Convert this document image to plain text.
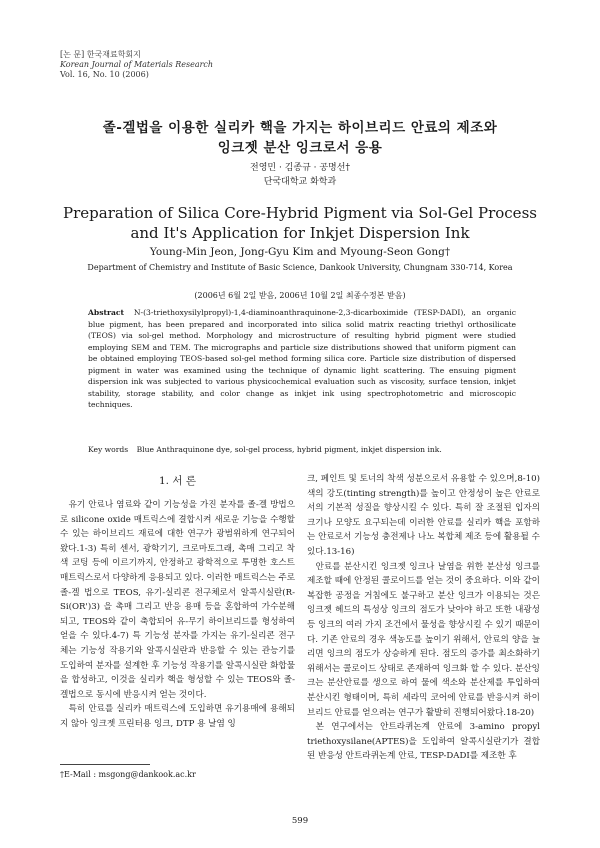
[논 문] 한국재료학회지
Korean Journal of Materials Research
Vol. 16, No. 10 (2006)
졸-겔법을 이용한 실리카 핵을 가지는 하이브리드 안료의 제조와
잉크젯 분산 잉크로서 응용
전영민 · 김종규 · 공명선†
단국대학교 화학과
Preparation of Silica Core-Hybrid Pigment via Sol-Gel Process
and It's Application for Inkjet Dispersion Ink
Young-Min Jeon, Jong-Gyu Kim and Myoung-Seon Gong†
Department of Chemistry and Institute of Basic Science, Dankook University, Chungnam 330-714, Korea
(2006년 6월 2일 받음, 2006년 10월 2일 최종수정본 받음)
Abstract N-(3-triethoxysilylpropyl)-1,4-diaminoanthraquinone-2,3-dicarboximide (TESP-DADI), an organic blue pigment, has been prepared and incorporated into silica solid matrix reacting triethyl orthosilicate (TEOS) via sol-gel method. Morphology and microstructure of resulting hybrid pigment were studied employing SEM and TEM. The micrographs and particle size distributions showed that uniform pigment can be obtained employing TEOS-based sol-gel method forming silica core. Particle size distribution of dispersed pigment in water was examined using the technique of dynamic light scattering. The ensuing pigment dispersion ink was subjected to various physicochemical evaluation such as viscosity, surface tension, inkjet stability, storage stability, and color change as inkjet ink using spectrophotometric and microscopic techniques.
Key words Blue Anthraquinone dye, sol-gel process, hybrid pigment, inkjet dispersion ink.
1. 서 론

유기 안료나 염료와 같이 기능성을 가진 분자를 졸-겔 방법으로 silicone oxide 매트릭스에 결합시켜 새로운 기능을 수행할 수 있는 하이브리드 재료에 대한 연구가 광범위하게 연구되어 왔다.1-3) 특히 센서, 광학기기, 크로마토그래, 촉매 그리고 착색 코팅 등에 이르기까지, 안정하고 광학적으로 투명한 호스트 매트릭스로서 다양하게 응용되고 있다. 이러한 매트릭스는 주로 졸-겔 법으로 TEOS, 유기-실리콘 전구체로서 알콕시실란(R-Si(OR')3) 을 촉매 그리고 반응 용매 등을 혼합하여 가수분해 되고, TEOS와 같이 축합되어 유-무기 하이브리드를 형성하여 얻을 수 있다.4-7) 특 기능성 분자를 가지는 유기-실리콘 전구체는 기능성 작용기와 알콕시실란과 반응할 수 있는 관능기를 도입하여 분자를 설계한 후 기능성 작용기를 알콕시실란 화합물을 합성하고, 이것을 실리카 핵을 형성할 수 있는 TEOS와 졸-겔법으로 동시에 반응시켜 얻는 것이다.

특히 안료를 실리카 매트릭스에 도입하면 유기용매에 용해되지 않아 잉크젯 프린터용 잉크, DTP 용 날염 잉

크, 페인트 및 토너의 착색 성분으로서 유용할 수 있으며,8-10) 색의 강도(tinting strength)를 높이고 안정성이 높은 안료로서의 기본적 성질을 향상시킬 수 있다. 특히 잘 조절된 입자의 크기나 모양도 요구되는데 이러한 안료를 실리카 핵을 포함하는 안료로서 기능성 충전제나 나노 복합체 제조 등에 활용될 수 있다.13-16)

안료를 분산시킨 잉크젯 잉크나 날염을 위한 분산성 잉크를 제조할 때에 안정된 콜로이드를 얻는 것이 중요하다. 이와 같이 복잡한 공정을 거침에도 불구하고 분산 잉크가 이용되는 것은 잉크젯 헤드의 특성상 잉크의 점도가 낮아야 하고 또한 내광성 등 잉크의 여러 가지 조건에서 물성을 향상시킬 수 있기 때문이다. 기존 안료의 경우 색농도를 높이기 위해서, 안료의 양을 늘리면 잉크의 점도가 상승하게 된다. 점도의 증가를 최소화하기 위해서는 콜로이드 상태로 존재하여 잉크화 할 수 있다. 분산잉크는 분산안료를 생으로 하여 물에 색소와 분산제를 투입하여 분산시킨 형태이며, 특히 세라믹 코어에 안료를 반응시켜 하이브리드 안료를 얻으려는 연구가 활발히 진행되어왔다.18-20)

본 연구에서는 안트라퀴논계 안료에 3-amino propyl triethoxysilane(APTES)을 도입하여 알콕시실란기가 결합된 반응성 안트라퀴논계 안료, TESP-DADI를 제조한 후

†E-Mail : msgong@dankook.ac.kr
599
